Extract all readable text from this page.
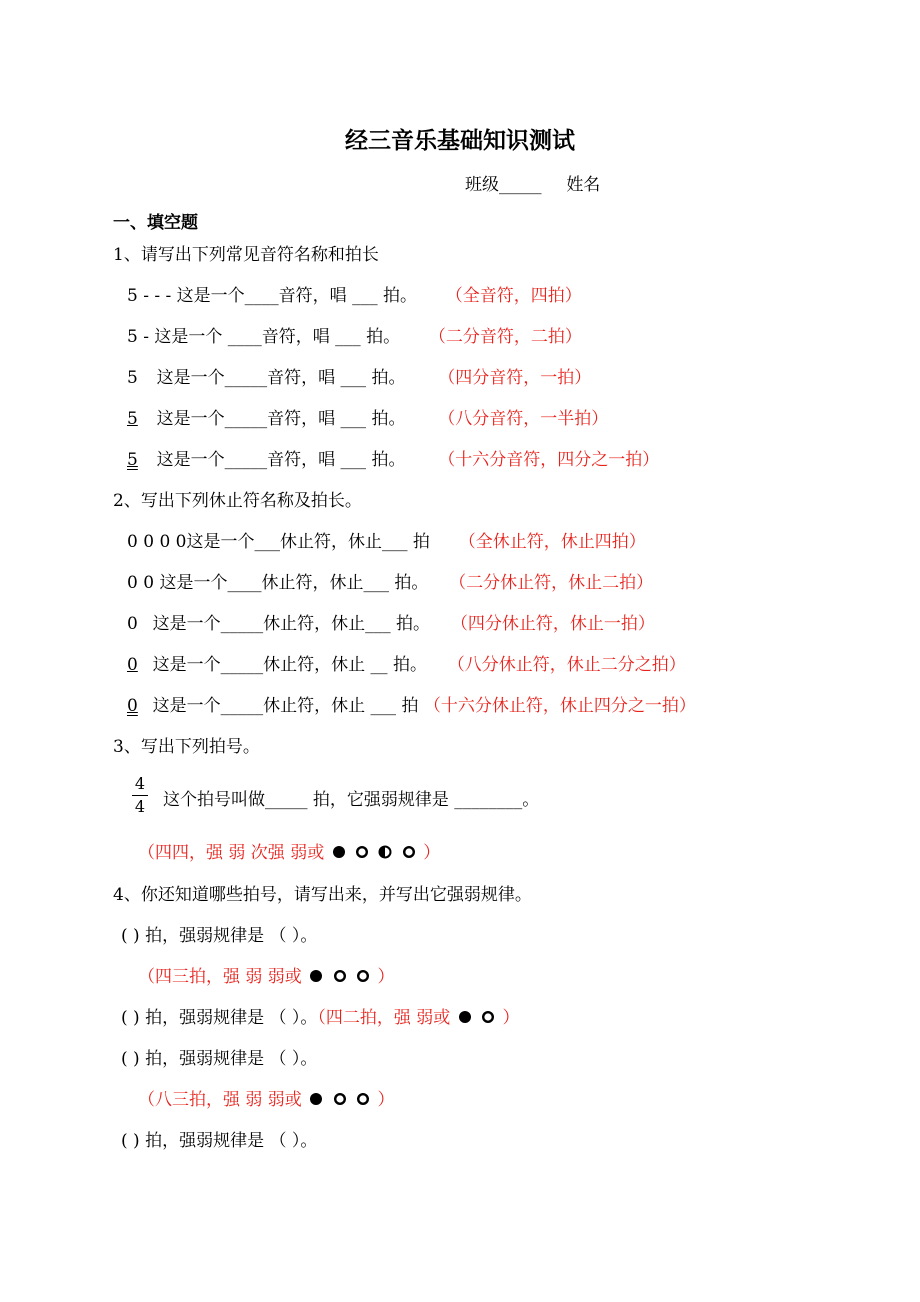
经三音乐基础知识测试
班级_____ 姓名
一、填空题
1、请写出下列常见音符名称和拍长
5 - - - 这是一个____音符，唱 ___ 拍。 （全音符，四拍）
5 - 这是一个 ____音符，唱 ___ 拍。 （二分音符，二拍）
5 这是一个_____音符，唱 ___ 拍。 （四分音符，一拍）
5 这是一个_____音符，唱 ___ 拍。 （八分音符，一半拍）
5 这是一个_____音符，唱 ___ 拍。 （十六分音符，四分之一拍）
2、写出下列休止符名称及拍长。
0 0 0 0这是一个___休止符，休止___ 拍 （全休止符，休止四拍）
0 0 这是一个____休止符，休止___ 拍。 （二分休止符，休止二拍）
0 这是一个_____休止符，休止___ 拍。 （四分休止符，休止一拍）
0 这是一个_____休止符，休止 __ 拍。 （八分休止符，休止二分之拍）
0 这是一个_____休止符，休止 ___ 拍 （十六分休止符，休止四分之一拍）
3、写出下列拍号。
4
4 这个拍号叫做_____ 拍，它强弱规律是 ________。
（四四，强 弱 次强 弱或	）
4、你还知道哪些拍号，请写出来，并写出它强弱规律。
( ) 拍，强弱规律是 （ ）。
（四三拍，强 弱 弱或	）
( ) 拍，强弱规律是 （ ）。（四二拍，强 弱或	）
( ) 拍，强弱规律是 （ ）。
（八三拍，强 弱 弱或	）
( ) 拍，强弱规律是 （ ）。
